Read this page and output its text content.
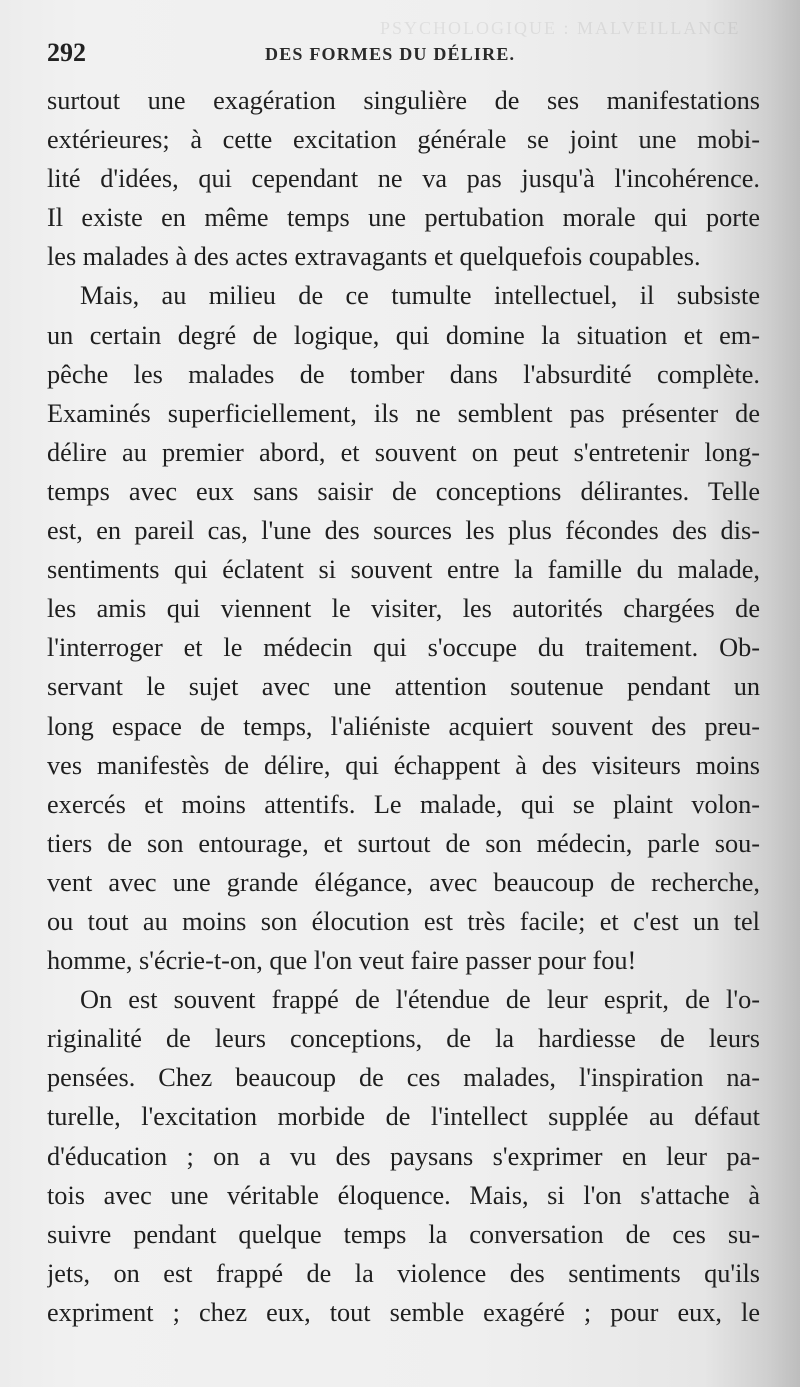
PSYCHOLOGIQUE : MALVEILLANCE
292	DES FORMES DU DÉLIRE.
surtout une exagération singulière de ses manifestations
extérieures; à cette excitation générale se joint une mobi-
lité d'idées, qui cependant ne va pas jusqu'à l'incohérence.
Il existe en même temps une pertubation morale qui porte
les malades à des actes extravagants et quelquefois coupables.
Mais, au milieu de ce tumulte intellectuel, il subsiste
un certain degré de logique, qui domine la situation et em-
pêche les malades de tomber dans l'absurdité complète.
Examinés superficiellement, ils ne semblent pas présenter de
délire au premier abord, et souvent on peut s'entretenir long-
temps avec eux sans saisir de conceptions délirantes. Telle
est, en pareil cas, l'une des sources les plus fécondes des dis-
sentiments qui éclatent si souvent entre la famille du malade,
les amis qui viennent le visiter, les autorités chargées de
l'interroger et le médecin qui s'occupe du traitement. Ob-
servant le sujet avec une attention soutenue pendant un
long espace de temps, l'aliéniste acquiert souvent des preu-
ves manifestès de délire, qui échappent à des visiteurs moins
exercés et moins attentifs. Le malade, qui se plaint volon-
tiers de son entourage, et surtout de son médecin, parle sou-
vent avec une grande élégance, avec beaucoup de recherche,
ou tout au moins son élocution est très facile; et c'est un tel
homme, s'écrie-t-on, que l'on veut faire passer pour fou!
On est souvent frappé de l'étendue de leur esprit, de l'o-
riginalité de leurs conceptions, de la hardiesse de leurs
pensées. Chez beaucoup de ces malades, l'inspiration na-
turelle, l'excitation morbide de l'intellect supplée au défaut
d'éducation ; on a vu des paysans s'exprimer en leur pa-
tois avec une véritable éloquence. Mais, si l'on s'attache à
suivre pendant quelque temps la conversation de ces su-
jets, on est frappé de la violence des sentiments qu'ils
expriment ; chez eux, tout semble exagéré ; pour eux, le
